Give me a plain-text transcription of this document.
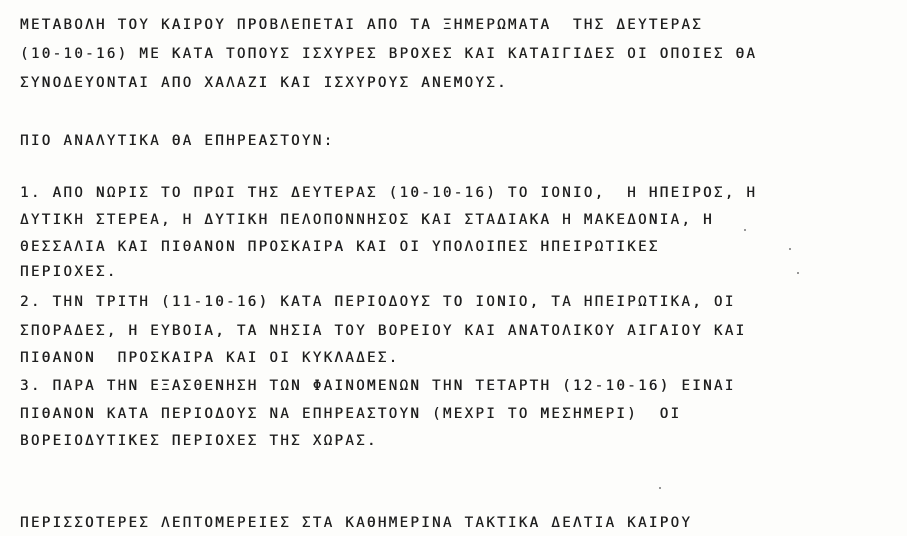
ΜΕΤΑΒΟΛΗ ΤΟΥ ΚΑΙΡΟΥ ΠΡΟΒΛΕΠΕΤΑΙ ΑΠΟ ΤΑ ΞΗΜΕΡΩΜΑΤΑ  ΤΗΣ ΔΕΥΤΕΡΑΣ

(10-10-16) ΜΕ ΚΑΤΑ ΤΟΠΟΥΣ ΙΣΧΥΡΕΣ ΒΡΟΧΕΣ ΚΑΙ ΚΑΤΑΙΓΙΔΕΣ ΟΙ ΟΠΟΙΕΣ ΘΑ

ΣΥΝΟΔΕΥΟΝΤΑΙ ΑΠΟ ΧΑΛΑΖΙ ΚΑΙ ΙΣΧΥΡΟΥΣ ΑΝΕΜΟΥΣ.

ΠΙΟ ΑΝΑΛΥΤΙΚΑ ΘΑ ΕΠΗΡΕΑΣΤΟΥΝ:

1. ΑΠΟ ΝΩΡΙΣ ΤΟ ΠΡΩΙ ΤΗΣ ΔΕΥΤΕΡΑΣ (10-10-16) ΤΟ ΙΟΝΙΟ,  Η ΗΠΕΙΡΟΣ, Η

ΔΥΤΙΚΗ ΣΤΕΡΕΑ, Η ΔΥΤΙΚΗ ΠΕΛΟΠΟΝΝΗΣΟΣ ΚΑΙ ΣΤΑΔΙΑΚΑ Η ΜΑΚΕΔΟΝΙΑ, Η

ΘΕΣΣΑΛΙΑ ΚΑΙ ΠΙΘΑΝΟΝ ΠΡΟΣΚΑΙΡΑ ΚΑΙ ΟΙ ΥΠΟΛΟΙΠΕΣ ΗΠΕΙΡΩΤΙΚΕΣ

ΠΕΡΙΟΧΕΣ.

2. ΤΗΝ ΤΡΙΤΗ (11-10-16) ΚΑΤΑ ΠΕΡΙΟΔΟΥΣ ΤΟ ΙΟΝΙΟ, ΤΑ ΗΠΕΙΡΩΤΙΚΑ, ΟΙ

ΣΠΟΡΑΔΕΣ, Η ΕΥΒΟΙΑ, ΤΑ ΝΗΣΙΑ ΤΟΥ ΒΟΡΕΙΟΥ ΚΑΙ ΑΝΑΤΟΛΙΚΟΥ ΑΙΓΑΙΟΥ ΚΑΙ

ΠΙΘΑΝΟΝ  ΠΡΟΣΚΑΙΡΑ ΚΑΙ ΟΙ ΚΥΚΛΑΔΕΣ.

3. ΠΑΡΑ ΤΗΝ ΕΞΑΣΘΕΝΗΣΗ ΤΩΝ ΦΑΙΝΟΜΕΝΩΝ ΤΗΝ ΤΕΤΑΡΤΗ (12-10-16) ΕΙΝΑΙ

ΠΙΘΑΝΟΝ ΚΑΤΑ ΠΕΡΙΟΔΟΥΣ ΝΑ ΕΠΗΡΕΑΣΤΟΥΝ (ΜΕΧΡΙ ΤΟ ΜΕΣΗΜΕΡΙ)  ΟΙ

ΒΟΡΕΙΟΔΥΤΙΚΕΣ ΠΕΡΙΟΧΕΣ ΤΗΣ ΧΩΡΑΣ.

ΠΕΡΙΣΣΟΤΕΡΕΣ ΛΕΠΤΟΜΕΡΕΙΕΣ ΣΤΑ ΚΑΘΗΜΕΡΙΝΑ ΤΑΚΤΙΚΑ ΔΕΛΤΙΑ ΚΑΙΡΟΥ
